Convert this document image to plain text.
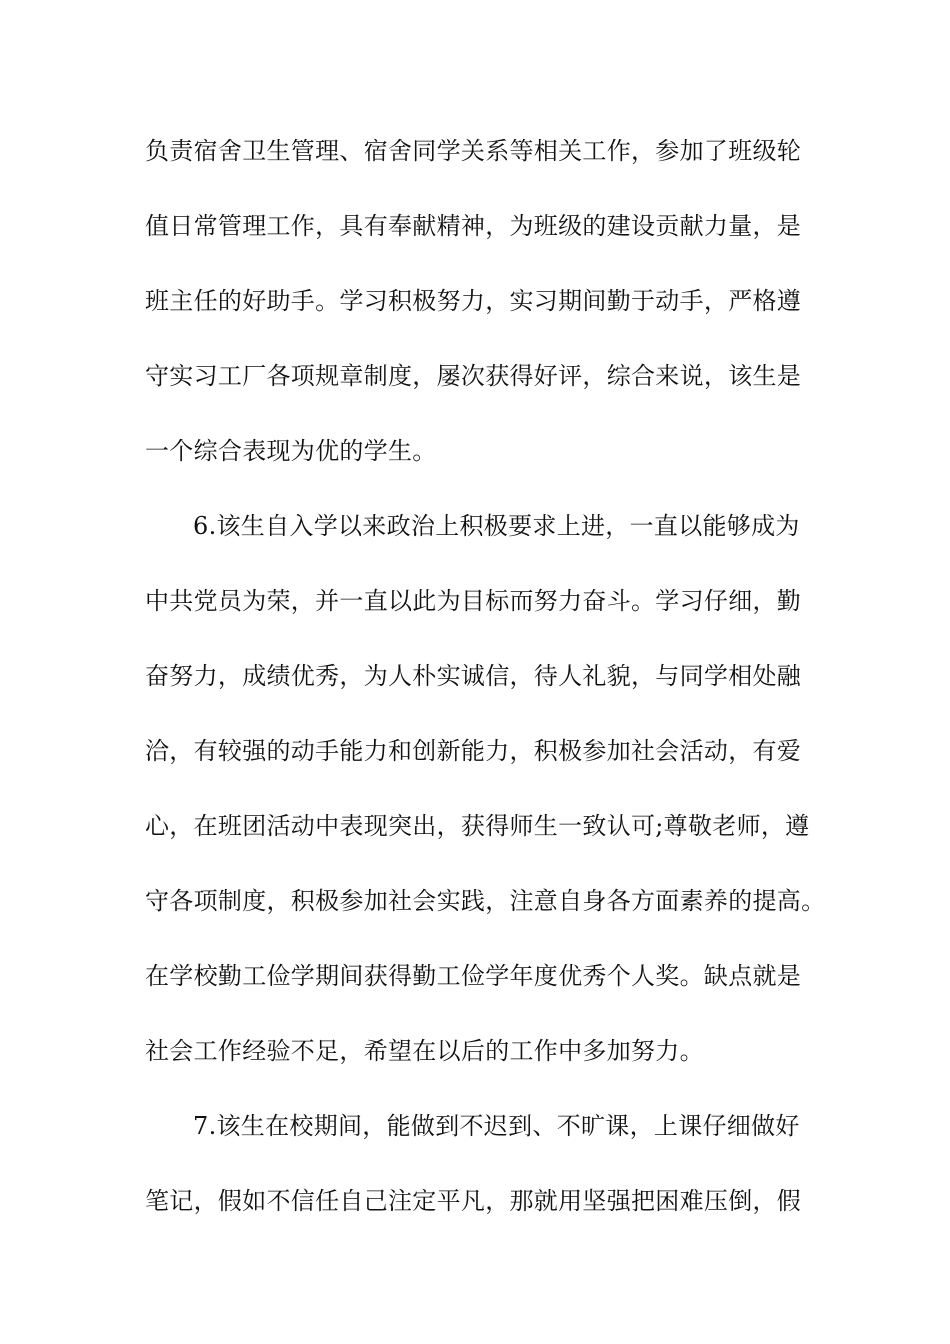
负责宿舍卫生管理、宿舍同学关系等相关工作，参加了班级轮
值日常管理工作，具有奉献精神，为班级的建设贡献力量，是
班主任的好助手。学习积极努力，实习期间勤于动手，严格遵
守实习工厂各项规章制度，屡次获得好评，综合来说，该生是
一个综合表现为优的学生。
6.该生自入学以来政治上积极要求上进，一直以能够成为
中共党员为荣，并一直以此为目标而努力奋斗。学习仔细，勤
奋努力，成绩优秀，为人朴实诚信，待人礼貌，与同学相处融
洽，有较强的动手能力和创新能力，积极参加社会活动，有爱
心，在班团活动中表现突出，获得师生一致认可;尊敬老师，遵
守各项制度，积极参加社会实践，注意自身各方面素养的提高。
在学校勤工俭学期间获得勤工俭学年度优秀个人奖。缺点就是
社会工作经验不足，希望在以后的工作中多加努力。
7.该生在校期间，能做到不迟到、不旷课，上课仔细做好
笔记，假如不信任自己注定平凡，那就用坚强把困难压倒，假
